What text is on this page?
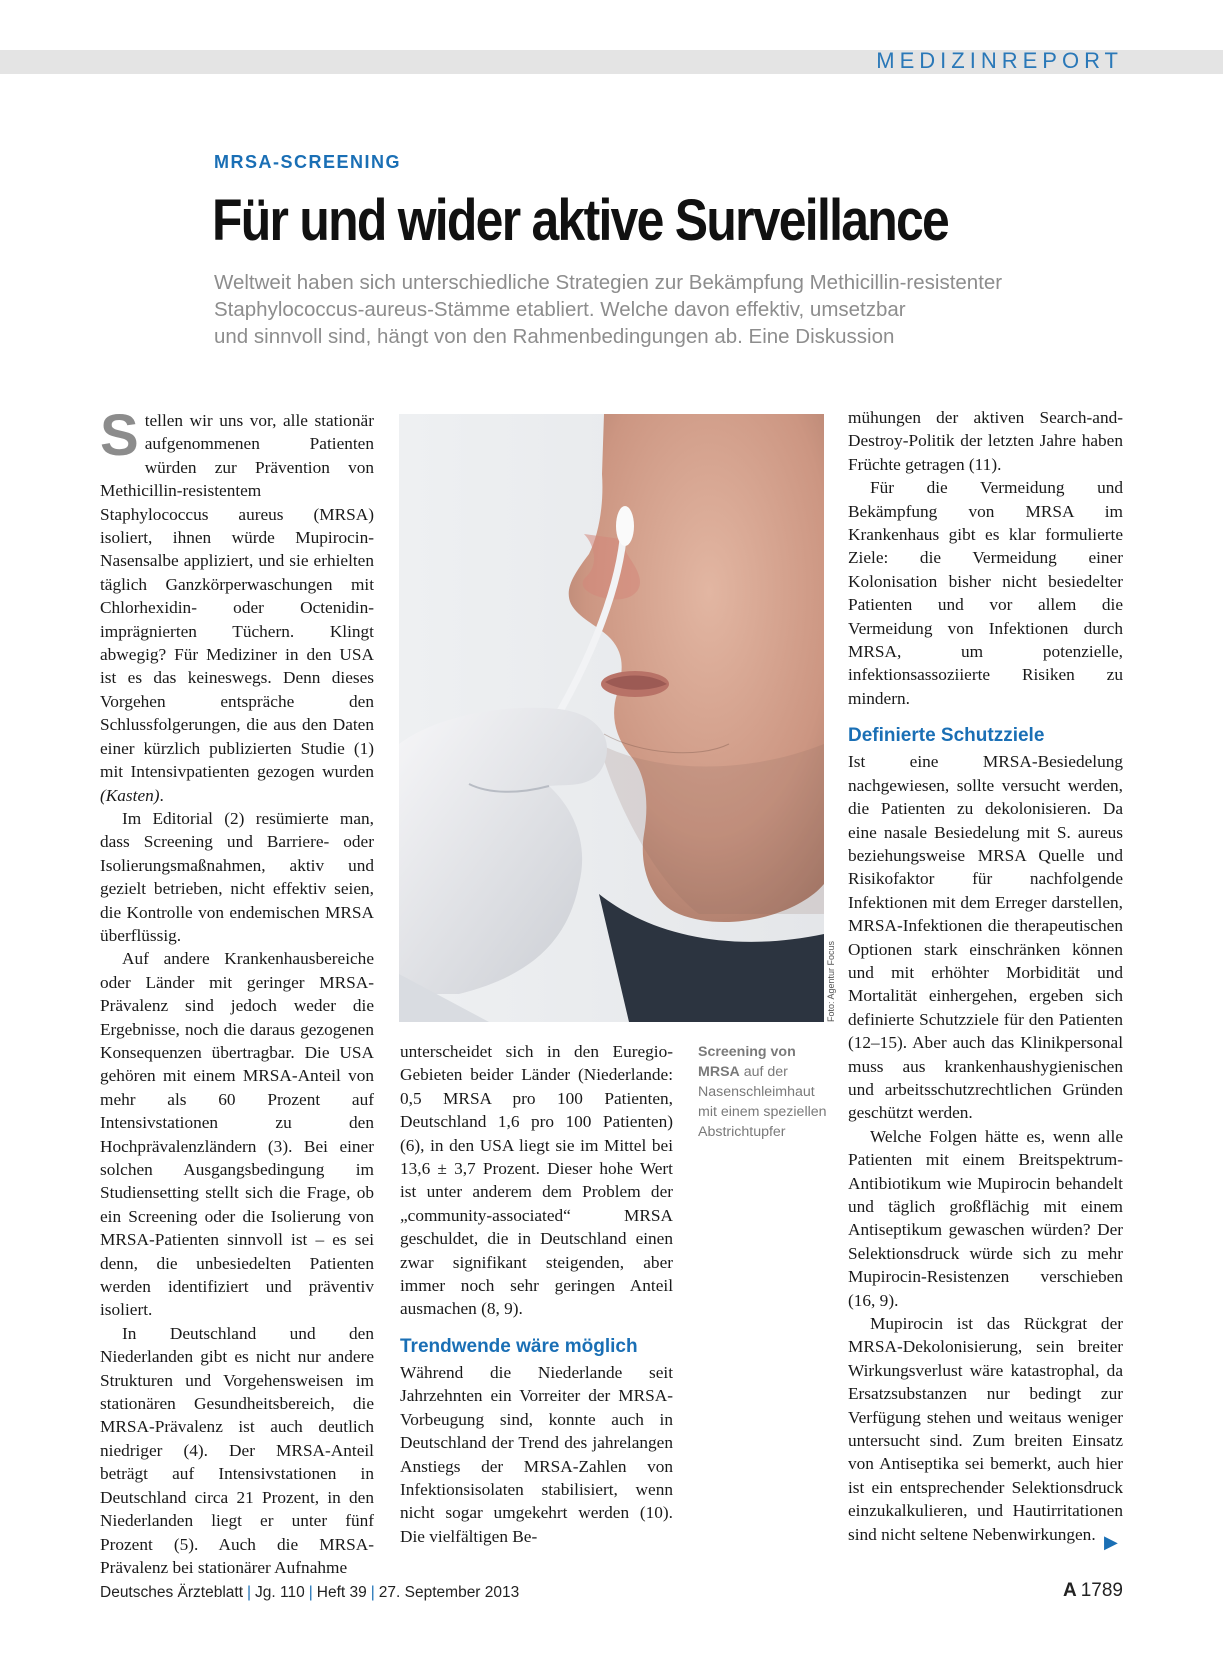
MEDIZINREPORT
MRSA-SCREENING
Für und wider aktive Surveillance
Weltweit haben sich unterschiedliche Strategien zur Bekämpfung Methicillin-resistenter
Staphylococcus-aureus-Stämme etabliert. Welche davon effektiv, umsetzbar
und sinnvoll sind, hängt von den Rahmenbedingungen ab. Eine Diskussion

Stellen wir uns vor, alle stationär aufgenommenen Patienten würden zur Prävention von Methicillin-resistentem Staphylococcus aureus (MRSA) isoliert, ihnen würde Mupirocin-Nasensalbe appliziert, und sie erhielten täglich Ganzkörperwaschungen mit Chlorhexidin- oder Octenidin-imprägnierten Tüchern. Klingt abwegig? Für Mediziner in den USA ist es das keineswegs. Denn dieses Vorgehen entspräche den Schlussfolgerungen, die aus den Daten einer kürzlich publizierten Studie (1) mit Intensivpatienten gezogen wurden (Kasten).

Im Editorial (2) resümierte man, dass Screening und Barriere- oder Isolierungsmaßnahmen, aktiv und gezielt betrieben, nicht effektiv seien, die Kontrolle von endemischen MRSA überflüssig.

Auf andere Krankenhausbereiche oder Länder mit geringer MRSA-Prävalenz sind jedoch weder die Ergebnisse, noch die daraus gezogenen Konsequenzen übertragbar. Die USA gehören mit einem MRSA-Anteil von mehr als 60 Prozent auf Intensivstationen zu den Hochprävalenzländern (3). Bei einer solchen Ausgangsbedingung im Studiensetting stellt sich die Frage, ob ein Screening oder die Isolierung von MRSA-Patienten sinnvoll ist – es sei denn, die unbesiedelten Patienten werden identifiziert und präventiv isoliert.

In Deutschland und den Niederlanden gibt es nicht nur andere Strukturen und Vorgehensweisen im stationären Gesundheitsbereich, die MRSA-Prävalenz ist auch deutlich niedriger (4). Der MRSA-Anteil beträgt auf Intensivstationen in Deutschland circa 21 Prozent, in den Niederlanden liegt er unter fünf Prozent (5). Auch die MRSA-Prävalenz bei stationärer Aufnahme

Foto: Agentur Focus
Screening von
MRSA auf der Nasenschleimhaut mit einem speziellen Abstrichtupfer

unterscheidet sich in den Euregio-Gebieten beider Länder (Niederlande: 0,5 MRSA pro 100 Patienten, Deutschland 1,6 pro 100 Patienten) (6), in den USA liegt sie im Mittel bei 13,6 ± 3,7 Prozent. Dieser hohe Wert ist unter anderem dem Problem der „community-associated“ MRSA geschuldet, die in Deutschland einen zwar signifikant steigenden, aber immer noch sehr geringen Anteil ausmachen (8, 9).

Trendwende wäre möglich

Während die Niederlande seit Jahrzehnten ein Vorreiter der MRSA-Vorbeugung sind, konnte auch in Deutschland der Trend des jahrelangen Anstiegs der MRSA-Zahlen von Infektionsisolaten stabilisiert, wenn nicht sogar umgekehrt werden (10). Die vielfältigen Be-

mühungen der aktiven Search-and-Destroy-Politik der letzten Jahre haben Früchte getragen (11).

Für die Vermeidung und Bekämpfung von MRSA im Krankenhaus gibt es klar formulierte Ziele: die Vermeidung einer Kolonisation bisher nicht besiedelter Patienten und vor allem die Vermeidung von Infektionen durch MRSA, um potenzielle, infektionsassoziierte Risiken zu mindern.

Definierte Schutzziele

Ist eine MRSA-Besiedelung nachgewiesen, sollte versucht werden, die Patienten zu dekolonisieren. Da eine nasale Besiedelung mit S. aureus beziehungsweise MRSA Quelle und Risikofaktor für nachfolgende Infektionen mit dem Erreger darstellen, MRSA-Infektionen die therapeutischen Optionen stark einschränken können und mit erhöhter Morbidität und Mortalität einhergehen, ergeben sich definierte Schutzziele für den Patienten (12–15). Aber auch das Klinikpersonal muss aus krankenhaushygienischen und arbeitsschutzrechtlichen Gründen geschützt werden.

Welche Folgen hätte es, wenn alle Patienten mit einem Breitspektrum-Antibiotikum wie Mupirocin behandelt und täglich großflächig mit einem Antiseptikum gewaschen würden? Der Selektionsdruck würde sich zu mehr Mupirocin-Resistenzen verschieben (16, 9).

Mupirocin ist das Rückgrat der MRSA-Dekolonisierung, sein breiter Wirkungsverlust wäre katastrophal, da Ersatzsubstanzen nur bedingt zur Verfügung stehen und weitaus weniger untersucht sind. Zum breiten Einsatz von Antiseptika sei bemerkt, auch hier ist ein entsprechender Selektionsdruck einzukalkulieren, und Hautirritationen sind nicht seltene Nebenwirkungen. ▶
Deutsches Ärzteblatt | Jg. 110 | Heft 39 | 27. September 2013	A 1789
